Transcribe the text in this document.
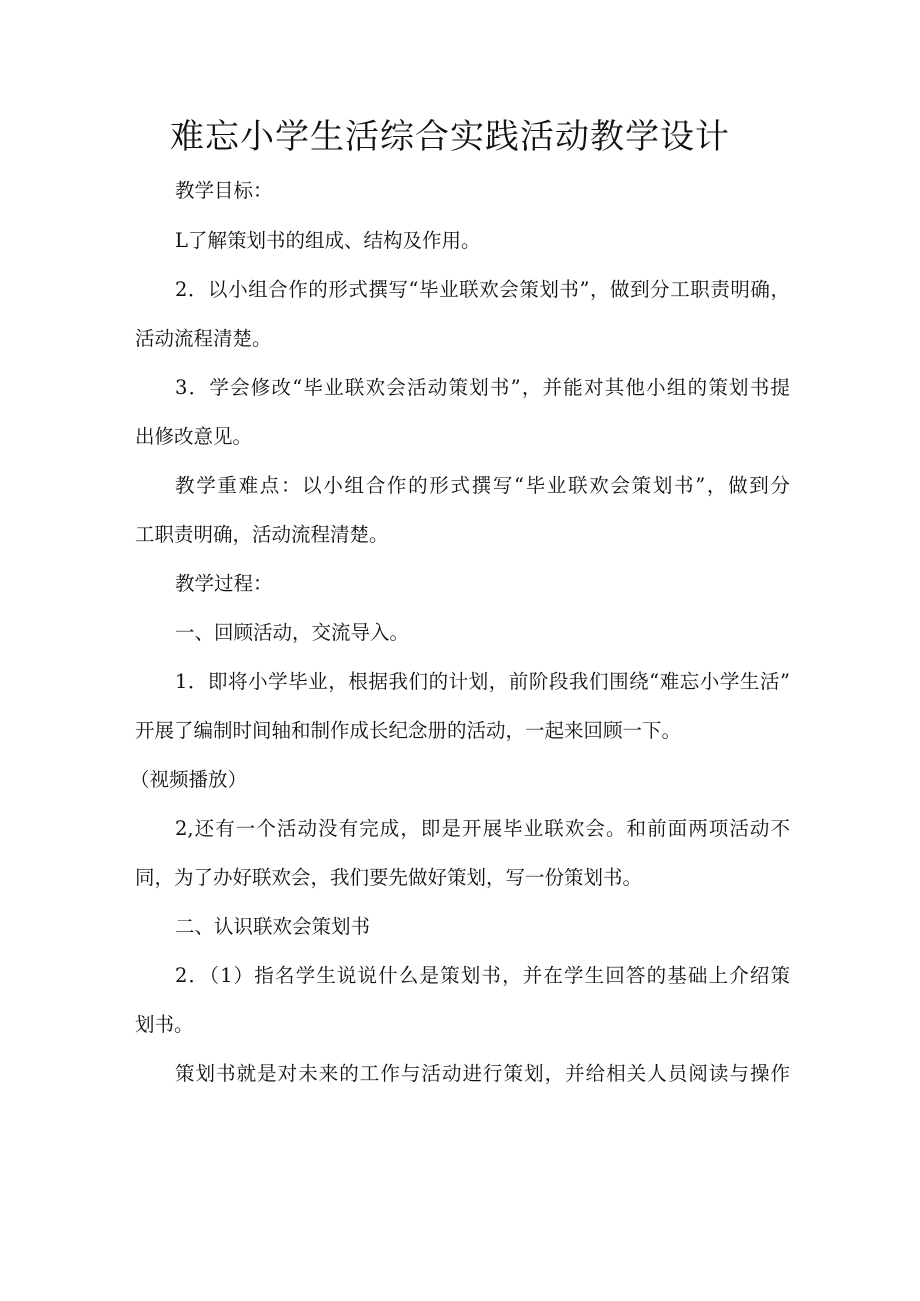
难忘小学生活综合实践活动教学设计

教学目标：

L了解策划书的组成、结构及作用。

2．以小组合作的形式撰写“毕业联欢会策划书”，做到分工职责明确，

活动流程清楚。

3．学会修改“毕业联欢会活动策划书”，并能对其他小组的策划书提

出修改意见。

教学重难点：以小组合作的形式撰写“毕业联欢会策划书”，做到分

工职责明确，活动流程清楚。

教学过程：

一、回顾活动，交流导入。

1．即将小学毕业，根据我们的计划，前阶段我们围绕“难忘小学生活”

开展了编制时间轴和制作成长纪念册的活动，一起来回顾一下。

（视频播放）

2,还有一个活动没有完成，即是开展毕业联欢会。和前面两项活动不

同，为了办好联欢会，我们要先做好策划，写一份策划书。

二、认识联欢会策划书

2．（1）指名学生说说什么是策划书，并在学生回答的基础上介绍策

划书。

策划书就是对未来的工作与活动进行策划，并给相关人员阅读与操作
